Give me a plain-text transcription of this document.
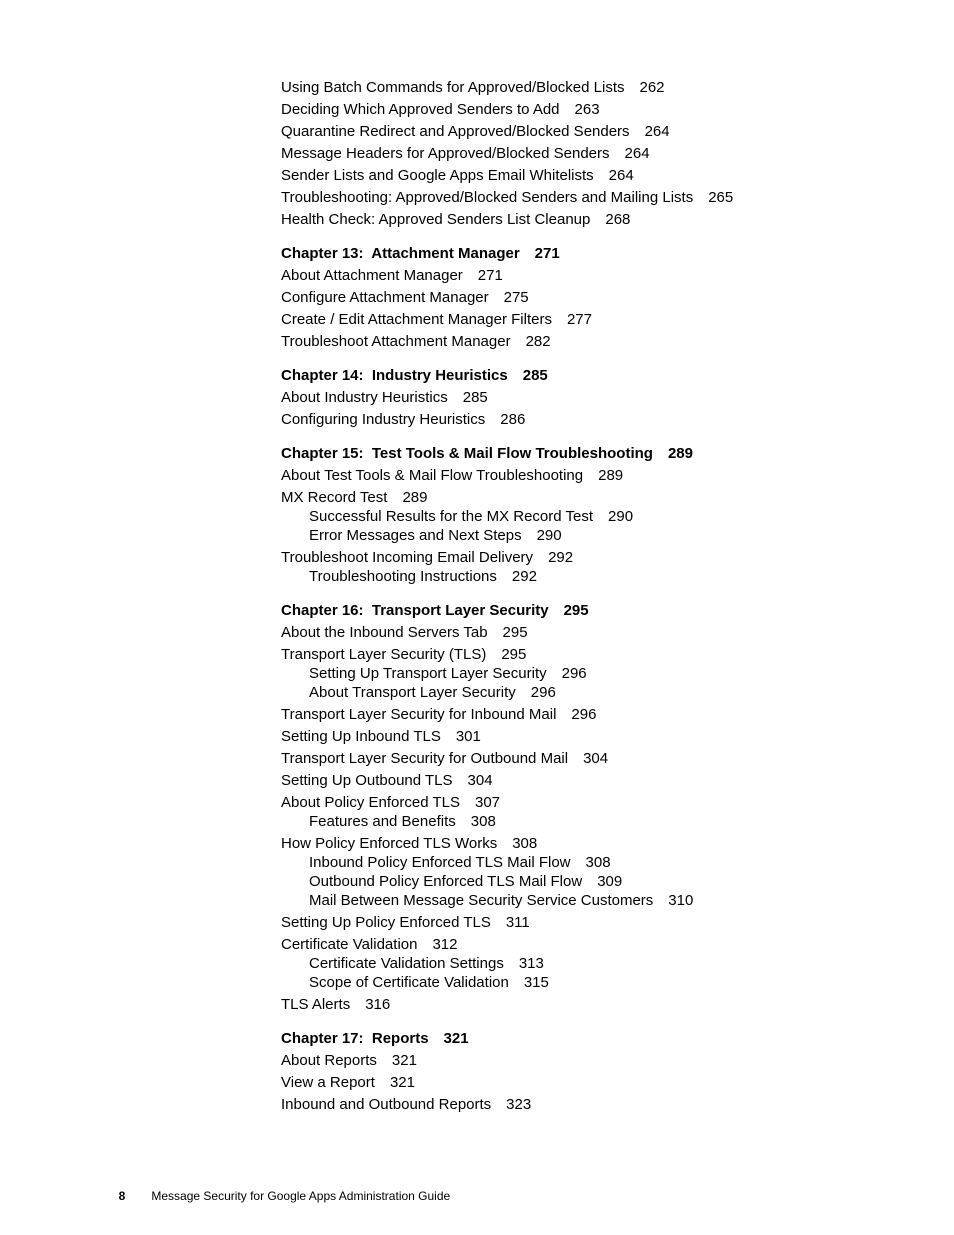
Using Batch Commands for Approved/Blocked Lists 262
Deciding Which Approved Senders to Add 263
Quarantine Redirect and Approved/Blocked Senders 264
Message Headers for Approved/Blocked Senders 264
Sender Lists and Google Apps Email Whitelists 264
Troubleshooting: Approved/Blocked Senders and Mailing Lists 265
Health Check: Approved Senders List Cleanup 268
Chapter 13:  Attachment Manager 271
About Attachment Manager 271
Configure Attachment Manager 275
Create / Edit Attachment Manager Filters 277
Troubleshoot Attachment Manager 282
Chapter 14:  Industry Heuristics 285
About Industry Heuristics 285
Configuring Industry Heuristics 286
Chapter 15:  Test Tools & Mail Flow Troubleshooting 289
About Test Tools & Mail Flow Troubleshooting 289
MX Record Test 289
Successful Results for the MX Record Test 290
Error Messages and Next Steps 290
Troubleshoot Incoming Email Delivery 292
Troubleshooting Instructions 292
Chapter 16:  Transport Layer Security 295
About the Inbound Servers Tab 295
Transport Layer Security (TLS) 295
Setting Up Transport Layer Security 296
About Transport Layer Security 296
Transport Layer Security for Inbound Mail 296
Setting Up Inbound TLS 301
Transport Layer Security for Outbound Mail 304
Setting Up Outbound TLS 304
About Policy Enforced TLS 307
Features and Benefits 308
How Policy Enforced TLS Works 308
Inbound Policy Enforced TLS Mail Flow 308
Outbound Policy Enforced TLS Mail Flow 309
Mail Between Message Security Service Customers 310
Setting Up Policy Enforced TLS 311
Certificate Validation 312
Certificate Validation Settings 313
Scope of Certificate Validation 315
TLS Alerts 316
Chapter 17:  Reports 321
About Reports 321
View a Report 321
Inbound and Outbound Reports 323

8 Message Security for Google Apps Administration Guide
